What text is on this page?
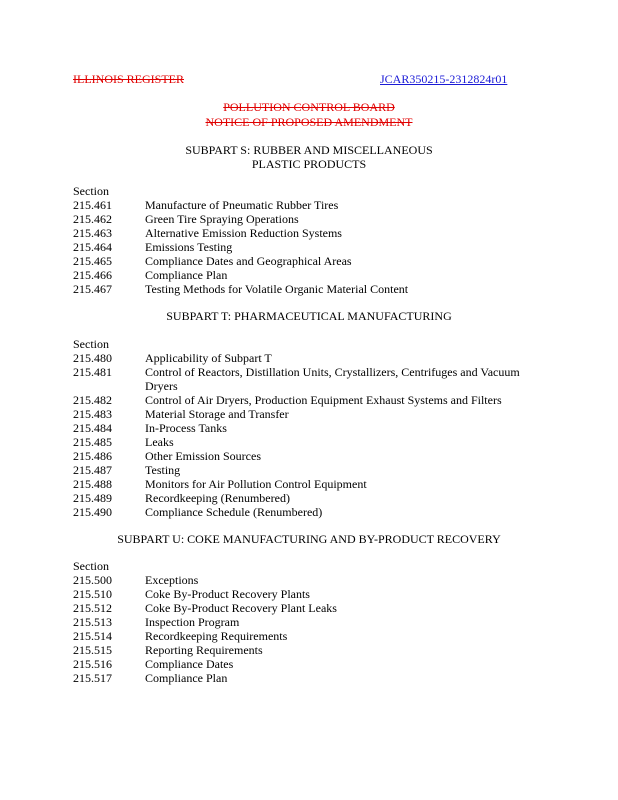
ILLINOIS REGISTER	JCAR350215-2312824r01
POLLUTION CONTROL BOARD
NOTICE OF PROPOSED AMENDMENT
SUBPART S: RUBBER AND MISCELLANEOUS
PLASTIC PRODUCTS
Section
215.461	Manufacture of Pneumatic Rubber Tires
215.462	Green Tire Spraying Operations
215.463	Alternative Emission Reduction Systems
215.464	Emissions Testing
215.465	Compliance Dates and Geographical Areas
215.466	Compliance Plan
215.467	Testing Methods for Volatile Organic Material Content
SUBPART T: PHARMACEUTICAL MANUFACTURING
Section
215.480	Applicability of Subpart T
215.481	Control of Reactors, Distillation Units, Crystallizers, Centrifuges and Vacuum Dryers
215.482	Control of Air Dryers, Production Equipment Exhaust Systems and Filters
215.483	Material Storage and Transfer
215.484	In-Process Tanks
215.485	Leaks
215.486	Other Emission Sources
215.487	Testing
215.488	Monitors for Air Pollution Control Equipment
215.489	Recordkeeping (Renumbered)
215.490	Compliance Schedule (Renumbered)
SUBPART U: COKE MANUFACTURING AND BY-PRODUCT RECOVERY
Section
215.500	Exceptions
215.510	Coke By-Product Recovery Plants
215.512	Coke By-Product Recovery Plant Leaks
215.513	Inspection Program
215.514	Recordkeeping Requirements
215.515	Reporting Requirements
215.516	Compliance Dates
215.517	Compliance Plan
